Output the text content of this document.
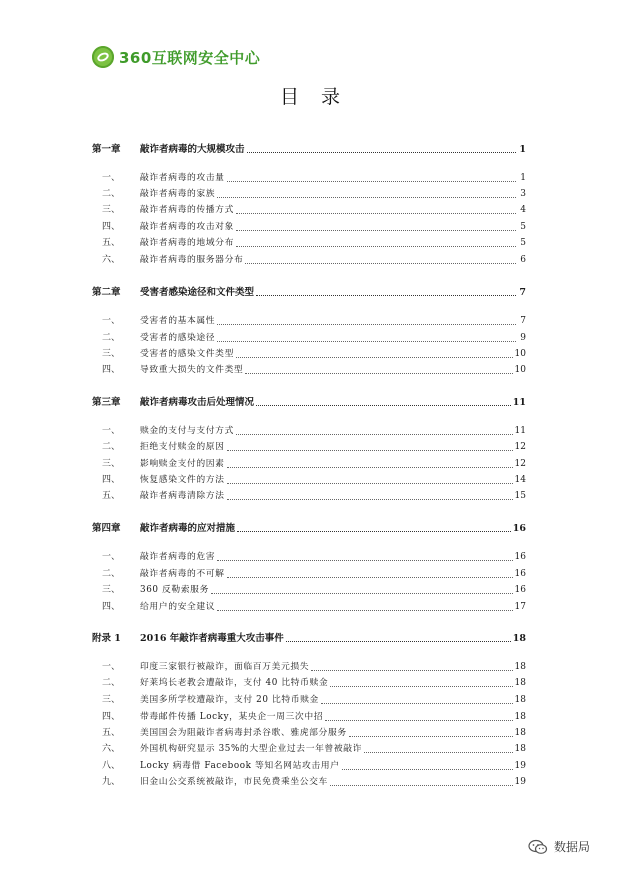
360互联网安全中心
目录
第一章	敲诈者病毒的大规模攻击	1
一、	敲诈者病毒的攻击量	1
二、	敲诈者病毒的家族	3
三、	敲诈者病毒的传播方式	4
四、	敲诈者病毒的攻击对象	5
五、	敲诈者病毒的地域分布	5
六、	敲诈者病毒的服务器分布	6
第二章	受害者感染途径和文件类型	7
一、	受害者的基本属性	7
二、	受害者的感染途径	9
三、	受害者的感染文件类型	10
四、	导致重大损失的文件类型	10
第三章	敲诈者病毒攻击后处理情况	11
一、	赎金的支付与支付方式	11
二、	拒绝支付赎金的原因	12
三、	影响赎金支付的因素	12
四、	恢复感染文件的方法	14
五、	敲诈者病毒清除方法	15
第四章	敲诈者病毒的应对措施	16
一、	敲诈者病毒的危害	16
二、	敲诈者病毒的不可解	16
三、	360 反勒索服务	16
四、	给用户的安全建议	17
附录 1	2016 年敲诈者病毒重大攻击事件	18
一、	印度三家银行被敲诈，面临百万美元损失	18
二、	好莱坞长老教会遭敲诈，支付 40 比特币赎金	18
三、	美国多所学校遭敲诈，支付 20 比特币赎金	18
四、	带毒邮件传播 Locky，某央企一周三次中招	18
五、	美国国会为阻敲诈者病毒封杀谷歌、雅虎部分服务	18
六、	外国机构研究显示 35%的大型企业过去一年曾被敲诈	18
八、	Locky 病毒借 Facebook 等知名网站攻击用户	19
九、	旧金山公交系统被敲诈，市民免费乘坐公交车	19
数据局
